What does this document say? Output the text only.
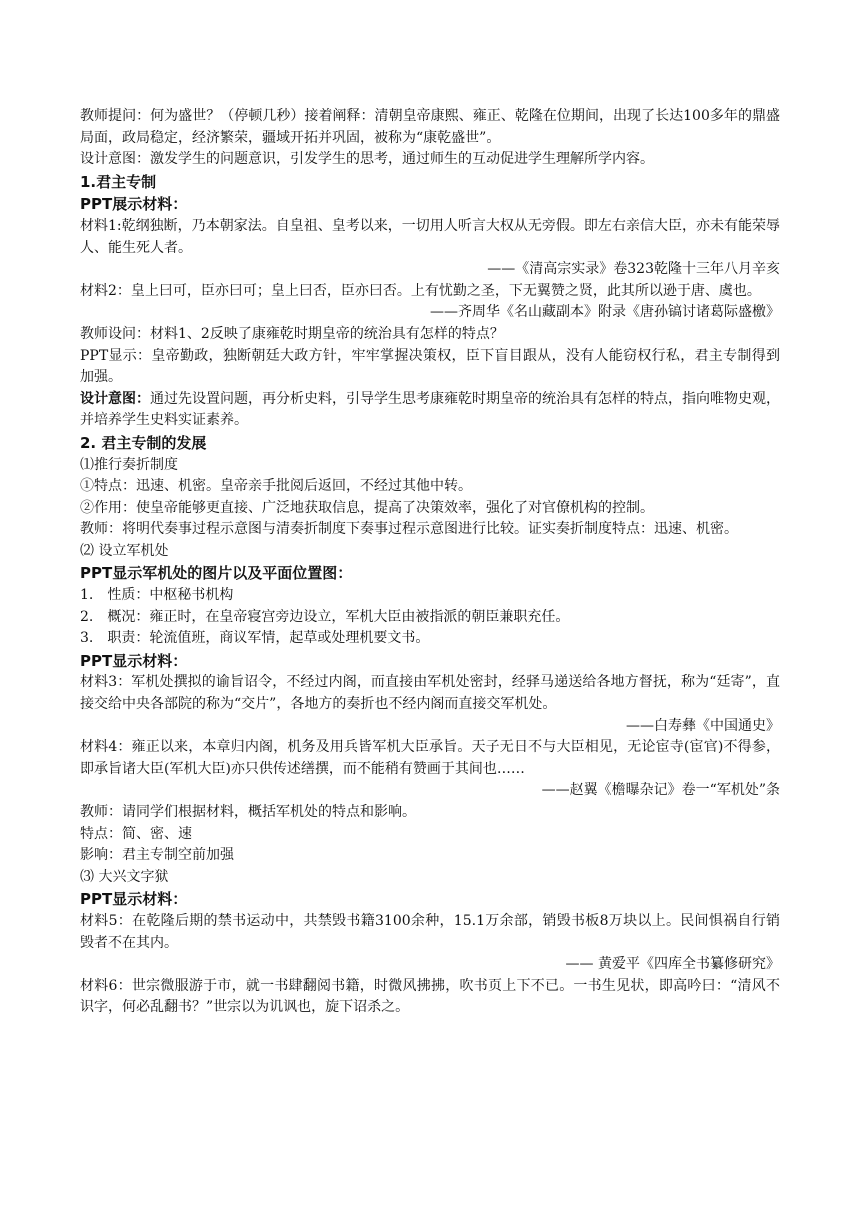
教师提问：何为盛世？（停顿几秒）接着阐释：清朝皇帝康熙、雍正、乾隆在位期间，出现了长达100多年的鼎盛局面，政局稳定，经济繁荣，疆域开拓并巩固，被称为“康乾盛世”。

设计意图：激发学生的问题意识，引发学生的思考，通过师生的互动促进学生理解所学内容。

1.君主专制

PPT展示材料：

材料1:乾纲独断，乃本朝家法。自皇祖、皇考以来，一切用人听言大权从无旁假。即左右亲信大臣，亦未有能荣辱人、能生死人者。

——《清高宗实录》卷323乾隆十三年八月辛亥

材料2：皇上曰可，臣亦曰可；皇上曰否，臣亦曰否。上有忧勤之圣，下无翼赞之贤，此其所以逊于唐、虞也。

——齐周华《名山藏副本》附录《唐孙镐讨诸葛际盛檄》

教师设问：材料1、2反映了康雍乾时期皇帝的统治具有怎样的特点？

PPT显示：皇帝勤政，独断朝廷大政方针，牢牢掌握决策权，臣下盲目跟从，没有人能窃权行私，君主专制得到加强。

设计意图：通过先设置问题，再分析史料，引导学生思考康雍乾时期皇帝的统治具有怎样的特点，指向唯物史观，并培养学生史料实证素养。

2. 君主专制的发展

⑴推行奏折制度

①特点：迅速、机密。皇帝亲手批阅后返回，不经过其他中转。

②作用：使皇帝能够更直接、广泛地获取信息，提高了决策效率，强化了对官僚机构的控制。

教师：将明代奏事过程示意图与清奏折制度下奏事过程示意图进行比较。证实奏折制度特点：迅速、机密。

⑵ 设立军机处

PPT显示军机处的图片以及平面位置图：

1.　性质：中枢秘书机构

2.　概况：雍正时，在皇帝寝宫旁边设立，军机大臣由被指派的朝臣兼职充任。

3.　职责：轮流值班，商议军情，起草或处理机要文书。

PPT显示材料：

材料3：军机处撰拟的谕旨诏令，不经过内阁，而直接由军机处密封，经驿马递送给各地方督抚，称为“廷寄”，直接交给中央各部院的称为“交片”，各地方的奏折也不经内阁而直接交军机处。

——白寿彝《中国通史》

材料4：雍正以来，本章归内阁，机务及用兵皆军机大臣承旨。天子无日不与大臣相见，无论宦寺(宦官)不得参，即承旨诸大臣(军机大臣)亦只供传述缮撰，而不能稍有赞画于其间也……

——赵翼《檐曝杂记》卷一“军机处”条

教师：请同学们根据材料，概括军机处的特点和影响。

特点：简、密、速

影响：君主专制空前加强

⑶ 大兴文字狱

PPT显示材料：

材料5：在乾隆后期的禁书运动中，共禁毁书籍3100余种，15.1万余部，销毁书板8万块以上。民间惧祸自行销毁者不在其内。

—— 黄爱平《四库全书纂修研究》

材料6：世宗微服游于市，就一书肆翻阅书籍，时微风拂拂，吹书页上下不已。一书生见状，即高吟曰：“清风不识字，何必乱翻书？”世宗以为讥讽也，旋下诏杀之。
